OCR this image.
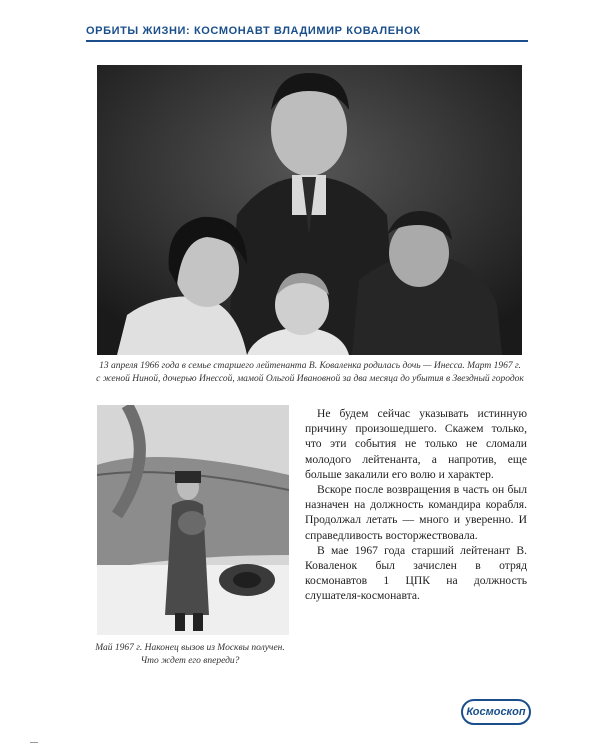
ОРБИТЫ ЖИЗНИ: КОСМОНАВТ ВЛАДИМИР КОВАЛЕНОК
13 апреля 1966 года в семье старшего лейтенанта В. Коваленка родилась дочь — Инесса. Март 1967 г.
с женой Ниной, дочерью Инессой, мамой Ольгой Ивановной за два месяца до убытия в Звездный городок
Май 1967 г. Наконец вызов из Москвы получен.
Что ждет его впереди?

Не будем сейчас указывать истинную причину произошедшего. Скажем только, что эти события не только не сломали молодого лейтенанта, а напротив, еще больше закалили его волю и характер.

Вскоре после возвращения в часть он был назначен на должность командира корабля. Продолжал летать — много и уверенно. И справедливость восторжествовала.

В мае 1967 года старший лейтенант В. Коваленок был зачислен в отряд космонавтов 1 ЦПК на должность слушателя-космонавта.

Космоскоп
